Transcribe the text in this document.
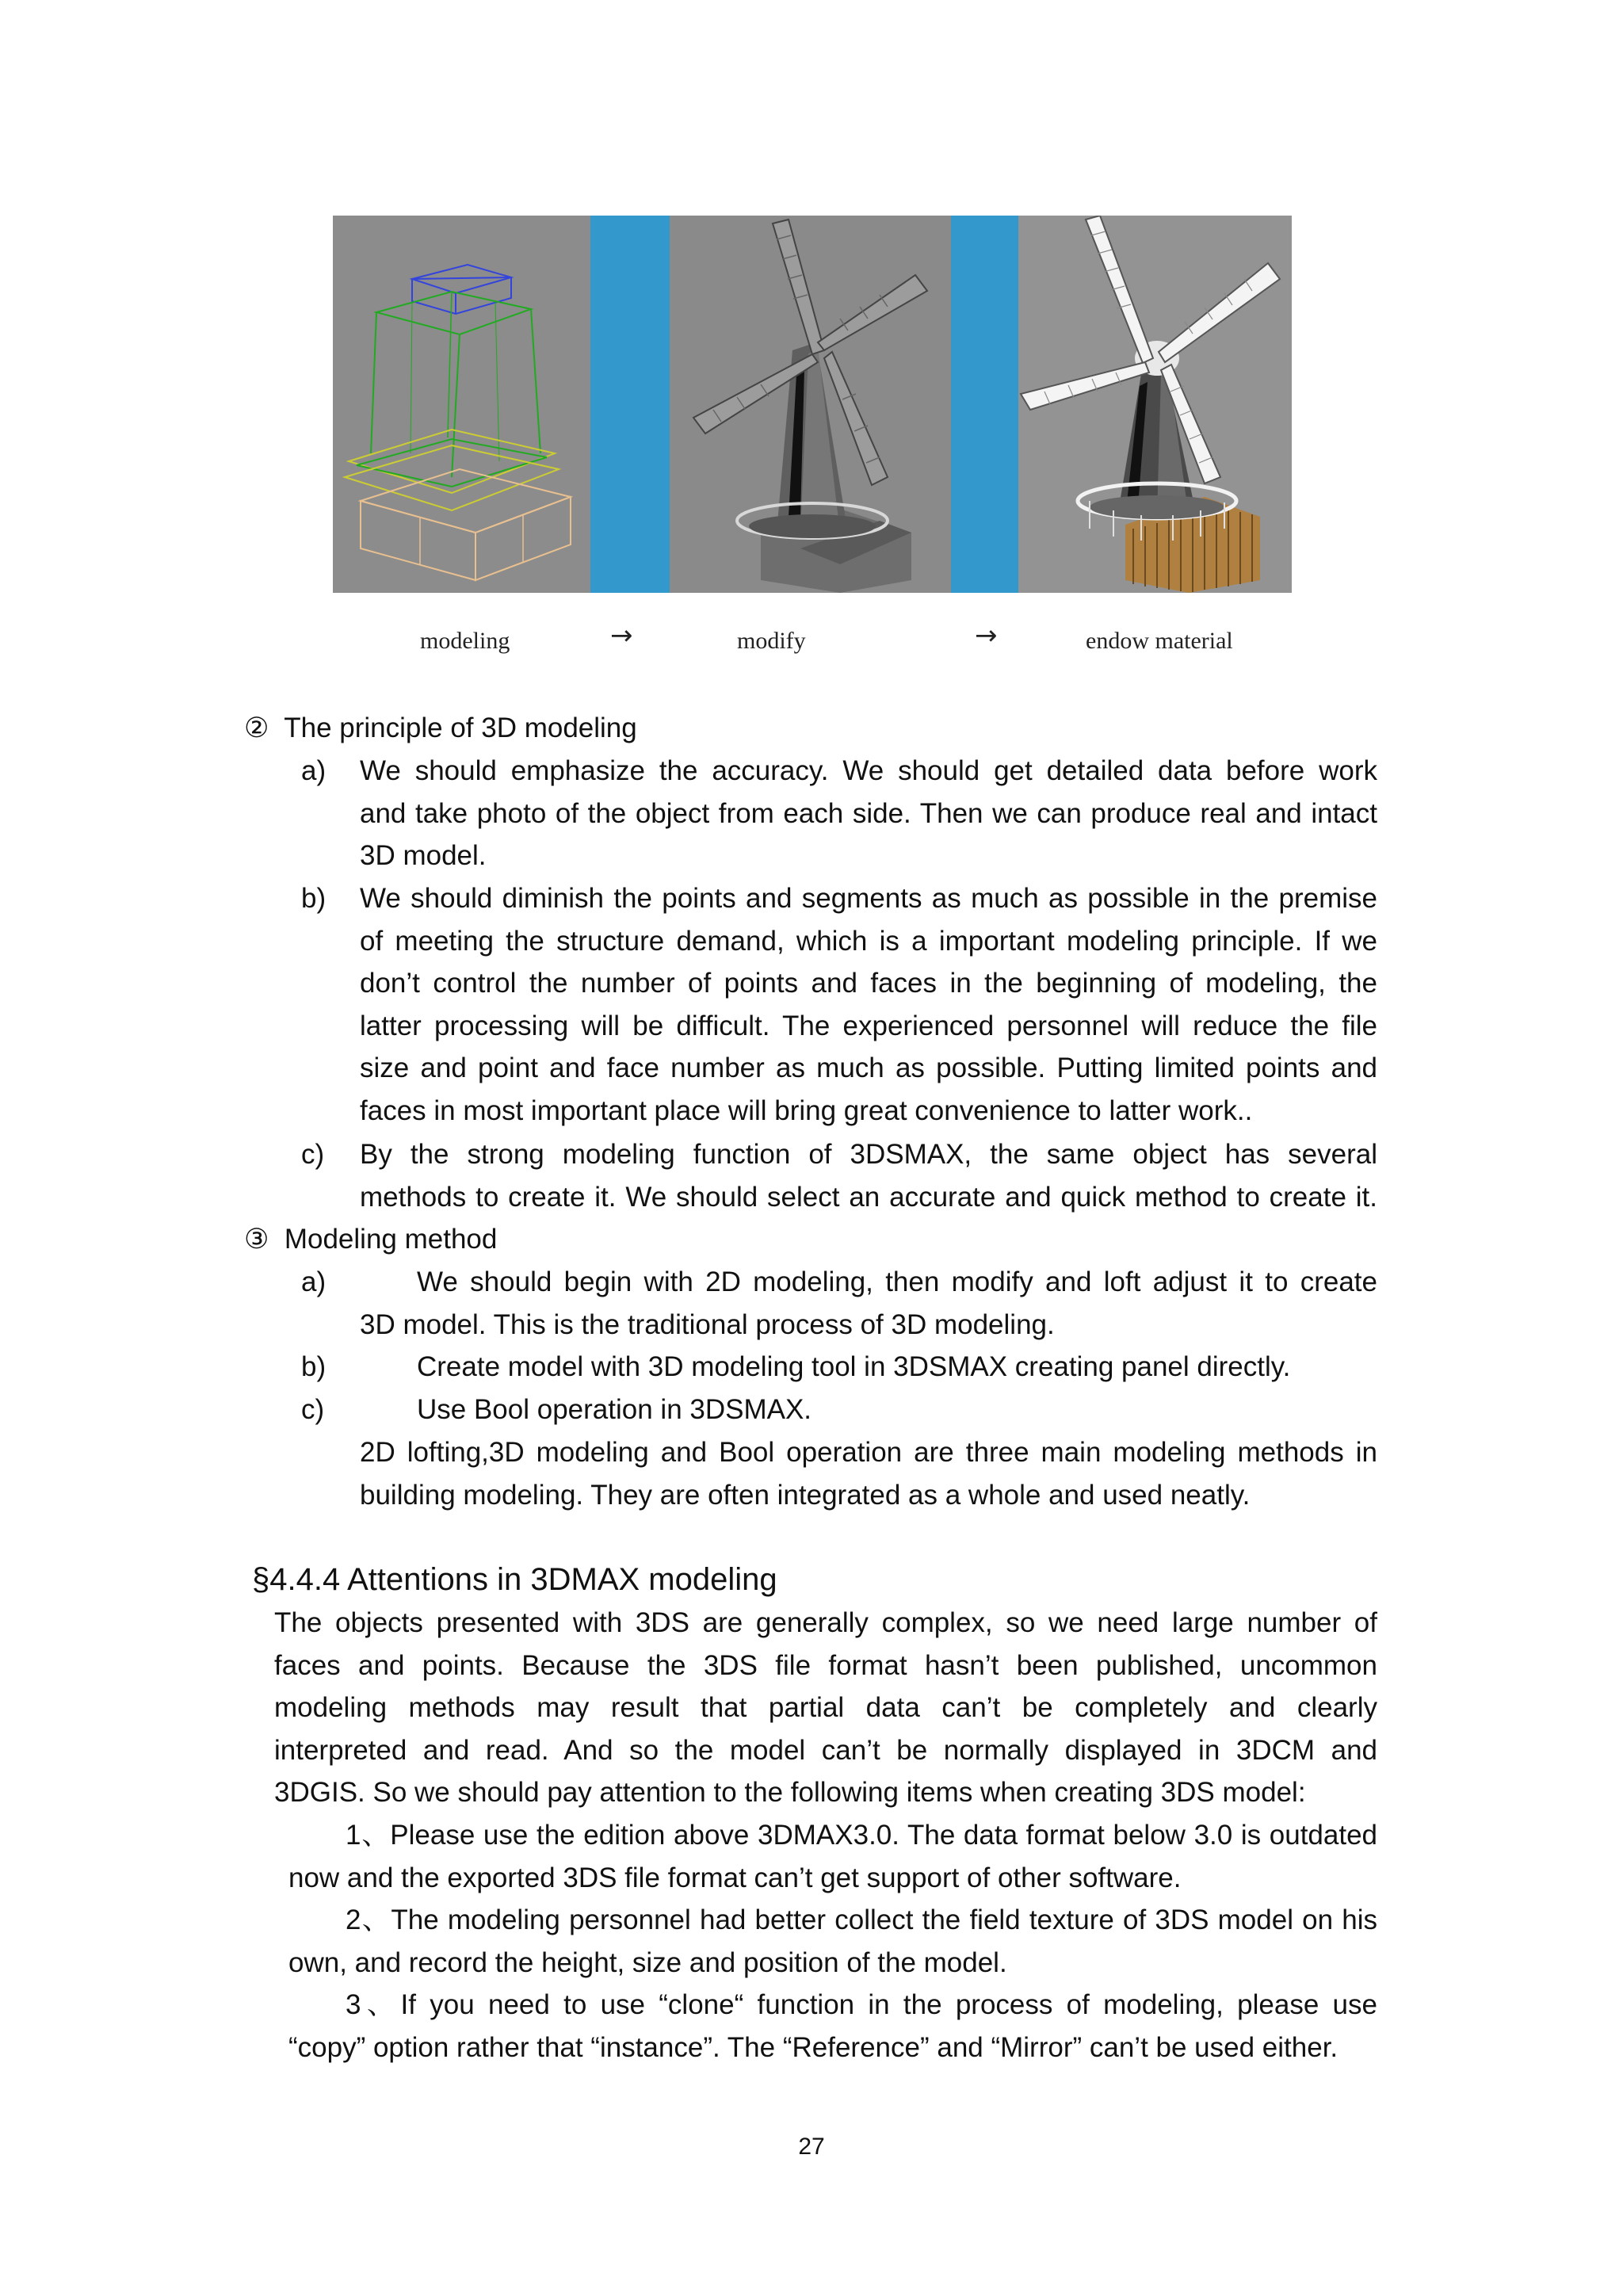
modeling	→	modify	→	endow material
② The principle of 3D modeling
a) We should emphasize the accuracy. We should get detailed data before work

and take photo of the object from each side. Then we can produce real and intact

3D model.

b) We should diminish the points and segments as much as possible in the premise

of meeting the structure demand, which is a important modeling principle. If we

don’t control the number of points and faces in the beginning of modeling, the

latter processing will be difficult. The experienced personnel will reduce the file

size and point and face number as much as possible. Putting limited points and

faces in most important place will bring great convenience to latter work..

c) By the strong modeling function of 3DSMAX, the same object has several

methods to create it. We should select an accurate and quick method to create it.

③ Modeling method
a)	We should begin with 2D modeling, then modify and loft adjust it to create

3D model. This is the traditional process of 3D modeling.

b)	Create model with 3D modeling tool in 3DSMAX creating panel directly.
c)	Use Bool operation in 3DSMAX.

2D lofting,3D modeling and Bool operation are three main modeling methods in

building modeling. They are often integrated as a whole and used neatly.

§4.4.4 Attentions in 3DMAX modeling

The objects presented with 3DS are generally complex, so we need large number of

faces and points. Because the 3DS file format hasn’t been published, uncommon

modeling methods may result that partial data can’t be completely and clearly

interpreted and read. And so the model can’t be normally displayed in 3DCM and

3DGIS. So we should pay attention to the following items when creating 3DS model:

1、Please use the edition above 3DMAX3.0. The data format below 3.0 is outdated

now and the exported 3DS file format can’t get support of other software.

2、The modeling personnel had better collect the field texture of 3DS model on his

own, and record the height, size and position of the model.

3、If you need to use “clone“ function in the process of modeling, please use

“copy” option rather that “instance”. The “Reference” and “Mirror” can’t be used either.

27
